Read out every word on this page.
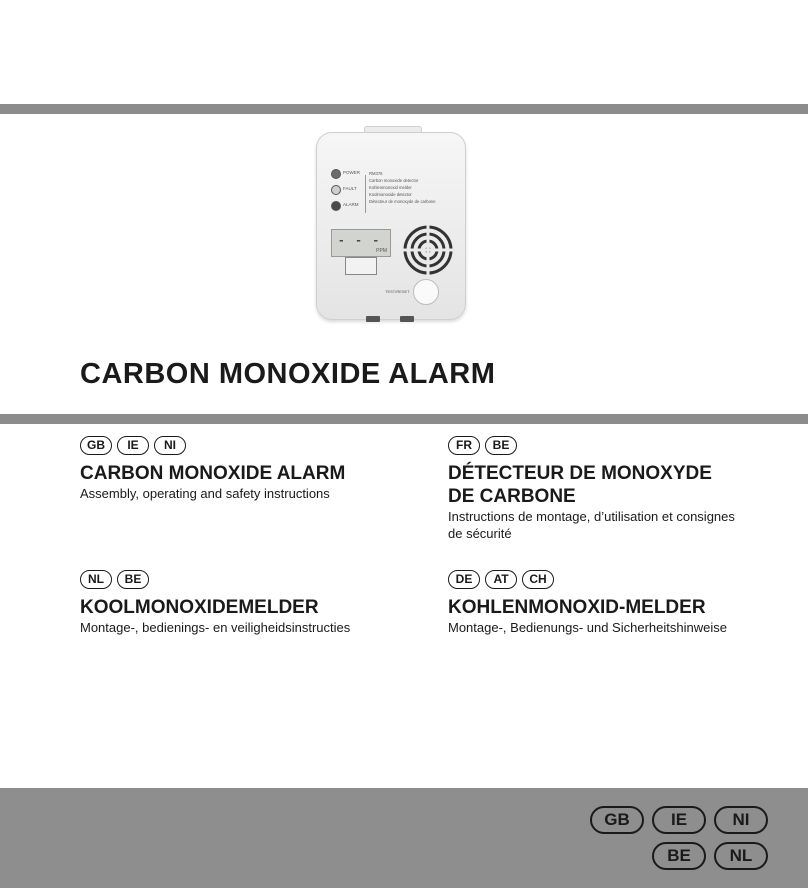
POWER
FAULT
ALARM
RM376
Carbon monoxide detector
Kohlenmonoxid melder
Koolmonoxide detector
Détecteur de monoxyde de carbone
- - -
PPM
TEST/RESET
CARBON MONOXIDE ALARM
GB	IE	NI

CARBON MONOXIDE ALARM

Assembly, operating and safety instructions

FR	BE

DÉTECTEUR DE MONOXYDE

DE CARBONE

Instructions de montage, d’utilisation et consignes

de sécurité

NL	BE

KOOLMONOXIDEMELDER

Montage-, bedienings- en veiligheidsinstructies

DE	AT	CH

KOHLENMONOXID-MELDER

Montage-, Bedienungs- und Sicherheitshinweise

GB	IE	NI
BE	NL
